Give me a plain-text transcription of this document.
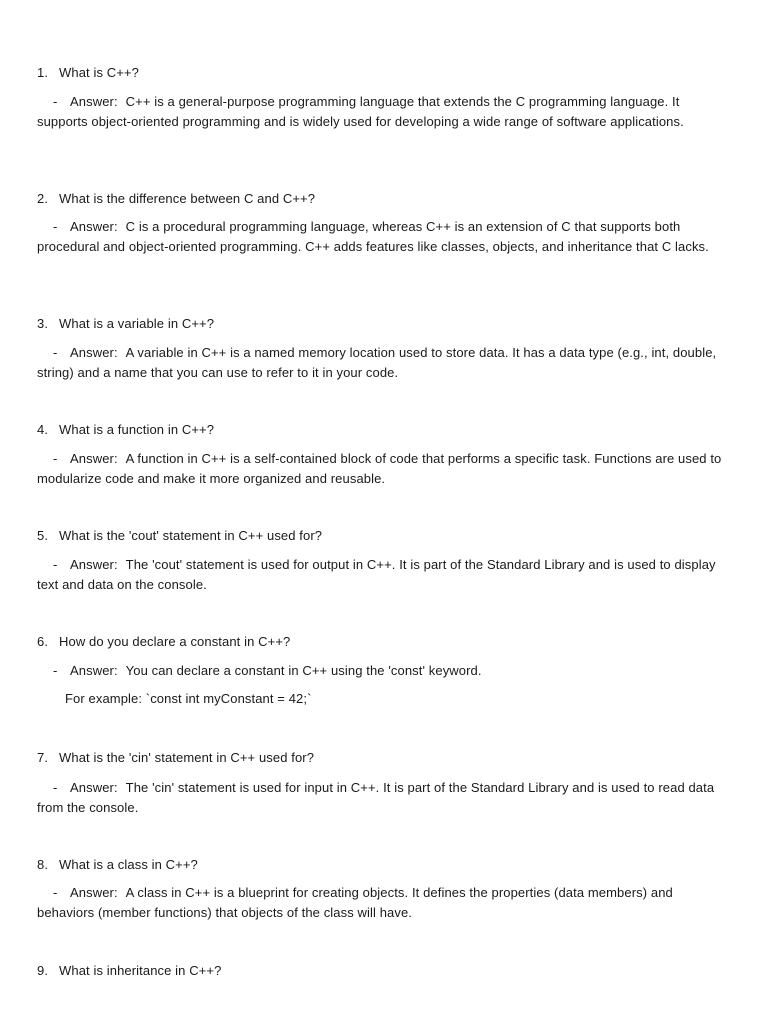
1. What is C++?
- Answer: C++ is a general-purpose programming language that extends the C programming language. It supports object-oriented programming and is widely used for developing a wide range of software applications.
2. What is the difference between C and C++?
- Answer: C is a procedural programming language, whereas C++ is an extension of C that supports both procedural and object-oriented programming. C++ adds features like classes, objects, and inheritance that C lacks.
3. What is a variable in C++?
- Answer: A variable in C++ is a named memory location used to store data. It has a data type (e.g., int, double, string) and a name that you can use to refer to it in your code.
4. What is a function in C++?
- Answer: A function in C++ is a self-contained block of code that performs a specific task. Functions are used to modularize code and make it more organized and reusable.
5. What is the 'cout' statement in C++ used for?
- Answer: The 'cout' statement is used for output in C++. It is part of the Standard Library and is used to display text and data on the console.
6. How do you declare a constant in C++?
- Answer: You can declare a constant in C++ using the 'const' keyword.
For example: `const int myConstant = 42;`
7. What is the 'cin' statement in C++ used for?
- Answer: The 'cin' statement is used for input in C++. It is part of the Standard Library and is used to read data from the console.
8. What is a class in C++?
- Answer: A class in C++ is a blueprint for creating objects. It defines the properties (data members) and behaviors (member functions) that objects of the class will have.
9. What is inheritance in C++?
